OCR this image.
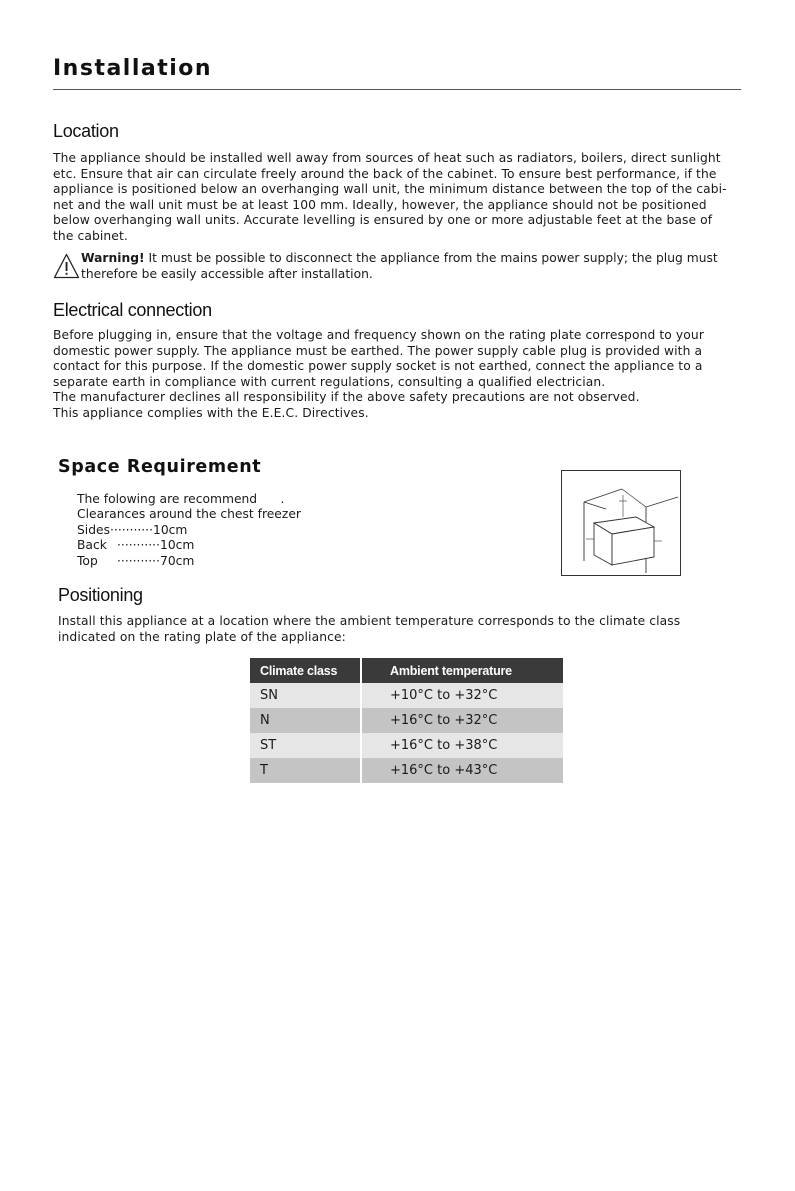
Installation
Location
The appliance should be installed well away from sources of heat such as radiators, boilers, direct sunlight
etc. Ensure that air can circulate freely around the back of the cabinet. To ensure best performance, if the
appliance is positioned below an overhanging wall unit, the minimum distance between the top of the cabi-
net and the wall unit must be at least 100 mm. Ideally, however, the appliance should not be positioned
below overhanging wall units. Accurate levelling is ensured by one or more adjustable feet at the base of
the cabinet.
Warning! It must be possible to disconnect the appliance from the mains power supply; the plug must
therefore be easily accessible after installation.
Electrical connection
Before plugging in, ensure that the voltage and frequency shown on the rating plate correspond to your
domestic power supply. The appliance must be earthed. The power supply cable plug is provided with a
contact for this purpose. If the domestic power supply socket is not earthed, connect the appliance to a
separate earth in compliance with current regulations, consulting a qualified electrician.
The manufacturer declines all responsibility if the above safety precautions are not observed.
This appliance complies with the E.E.C. Directives.
Space Requirement
The folowing are recommend      .
Clearances around the chest freezer
Sides···········10cm
Back ···········10cm
Top ···········70cm
Positioning
Install this appliance at a location where the ambient temperature corresponds to the climate class
indicated on the rating plate of the appliance:
Climate class	Ambient temperature
SN	+10°C to +32°C
N	+16°C to +32°C
ST	+16°C to +38°C
T	+16°C to +43°C
